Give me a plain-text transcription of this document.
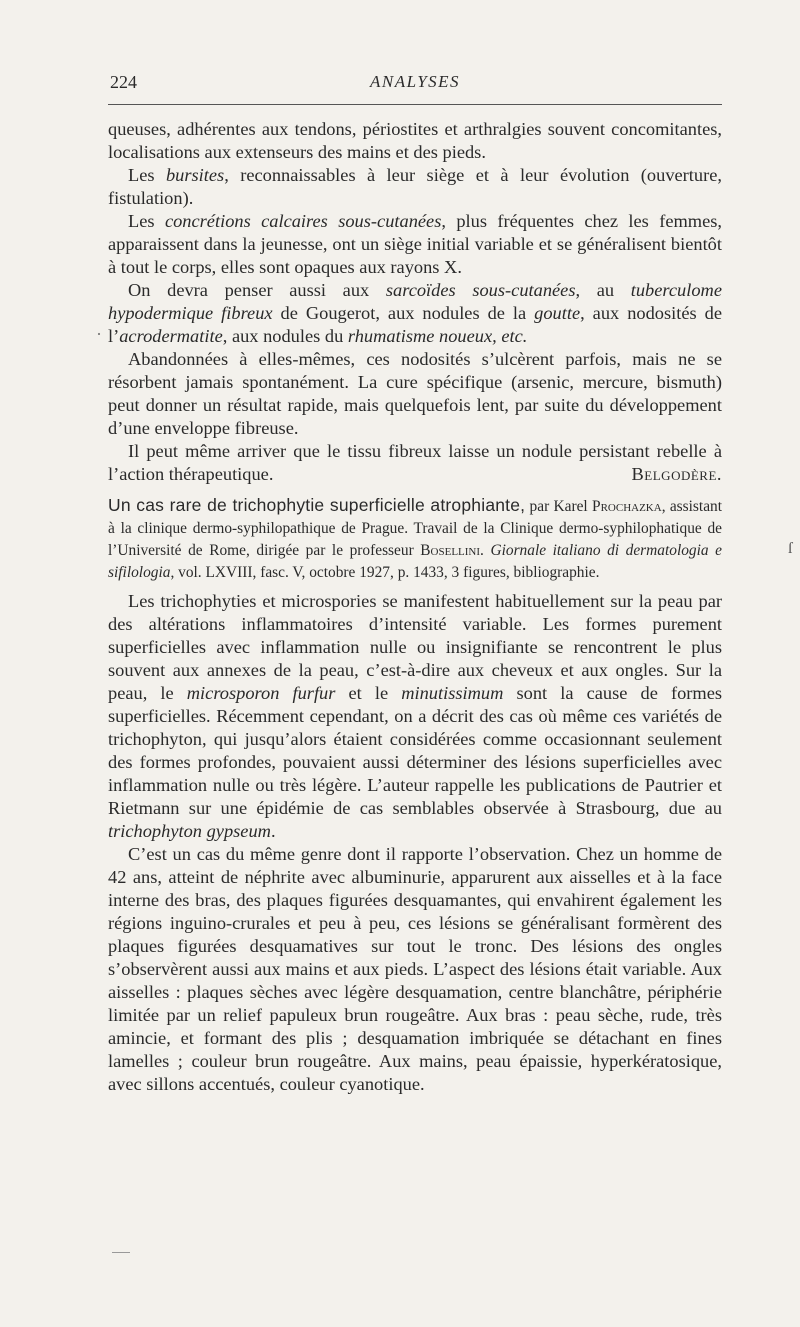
224	ANALYSES
·
ſ

queuses, adhérentes aux tendons, périostites et arthralgies souvent concomitantes, localisations aux extenseurs des mains et des pieds.

Les bursites, reconnaissables à leur siège et à leur évolution (ouverture, fistulation).

Les concrétions calcaires sous-cutanées, plus fréquentes chez les femmes, apparaissent dans la jeunesse, ont un siège initial variable et se généralisent bientôt à tout le corps, elles sont opaques aux rayons X.

On devra penser aussi aux sarcoïdes sous-cutanées, au tuberculome hypodermique fibreux de Gougerot, aux nodules de la goutte, aux nodosités de l’acrodermatite, aux nodules du rhumatisme noueux, etc.

Abandonnées à elles-mêmes, ces nodosités s’ulcèrent parfois, mais ne se résorbent jamais spontanément. La cure spécifique (arsenic, mercure, bismuth) peut donner un résultat rapide, mais quelquefois lent, par suite du développement d’une enveloppe fibreuse.

Il peut même arriver que le tissu fibreux laisse un nodule persistant rebelle à l’action thérapeutique.	Belgodère.

Un cas rare de trichophytie superficielle atrophiante, par Karel Prochazka, assistant à la clinique dermo-syphilopathique de Prague. Travail de la Clinique dermo-syphilophatique de l’Université de Rome, dirigée par le professeur Bosellini. Giornale italiano di dermatologia e sifilologia, vol. LXVIII, fasc. V, octobre 1927, p. 1433, 3 figures, bibliographie.

Les trichophyties et microspories se manifestent habituellement sur la peau par des altérations inflammatoires d’intensité variable. Les formes purement superficielles avec inflammation nulle ou insignifiante se rencontrent le plus souvent aux annexes de la peau, c’est-à-dire aux cheveux et aux ongles. Sur la peau, le microsporon furfur et le minutissimum sont la cause de formes superficielles. Récemment cependant, on a décrit des cas où même ces variétés de trichophyton, qui jusqu’alors étaient considérées comme occasionnant seulement des formes profondes, pouvaient aussi déterminer des lésions superficielles avec inflammation nulle ou très légère. L’auteur rappelle les publications de Pautrier et Rietmann sur une épidémie de cas semblables observée à Strasbourg, due au trichophyton gypseum.

C’est un cas du même genre dont il rapporte l’observation. Chez un homme de 42 ans, atteint de néphrite avec albuminurie, apparurent aux aisselles et à la face interne des bras, des plaques figurées desquamantes, qui envahirent également les régions inguino-crurales et peu à peu, ces lésions se généralisant formèrent des plaques figurées desquamatives sur tout le tronc. Des lésions des ongles s’observèrent aussi aux mains et aux pieds. L’aspect des lésions était variable. Aux aisselles : plaques sèches avec légère desquamation, centre blanchâtre, périphérie limitée par un relief papuleux brun rougeâtre. Aux bras : peau sèche, rude, très amincie, et formant des plis ; desquamation imbriquée se détachant en fines lamelles ; couleur brun rougeâtre. Aux mains, peau épaissie, hyperkératosique, avec sillons accentués, couleur cyanotique.
